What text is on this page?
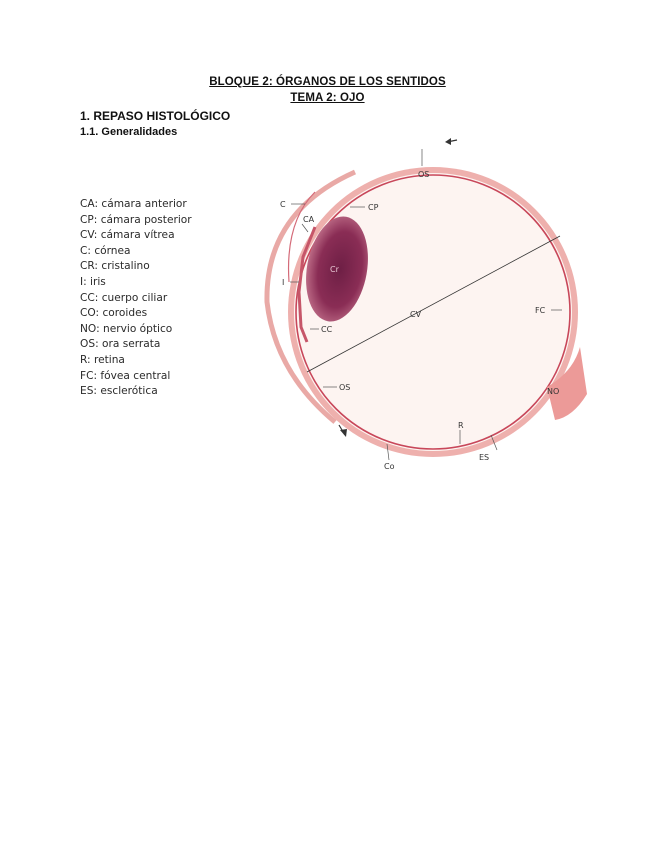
BLOQUE 2: ÓRGANOS DE LOS SENTIDOS
TEMA 2: OJO
1. REPASO HISTOLÓGICO
1.1. Generalidades
CA: cámara anterior
CP: cámara posterior
CV: cámara vítrea
C: córnea
CR: cristalino
I: iris
CC: cuerpo ciliar
CO: coroides
NO: nervio óptico
OS: ora serrata
R: retina
FC: fóvea central
ES: esclerótica
OS
C	CP
CA
Cr
I
CV	FC
CC
OS	NO
R
ES
Co
